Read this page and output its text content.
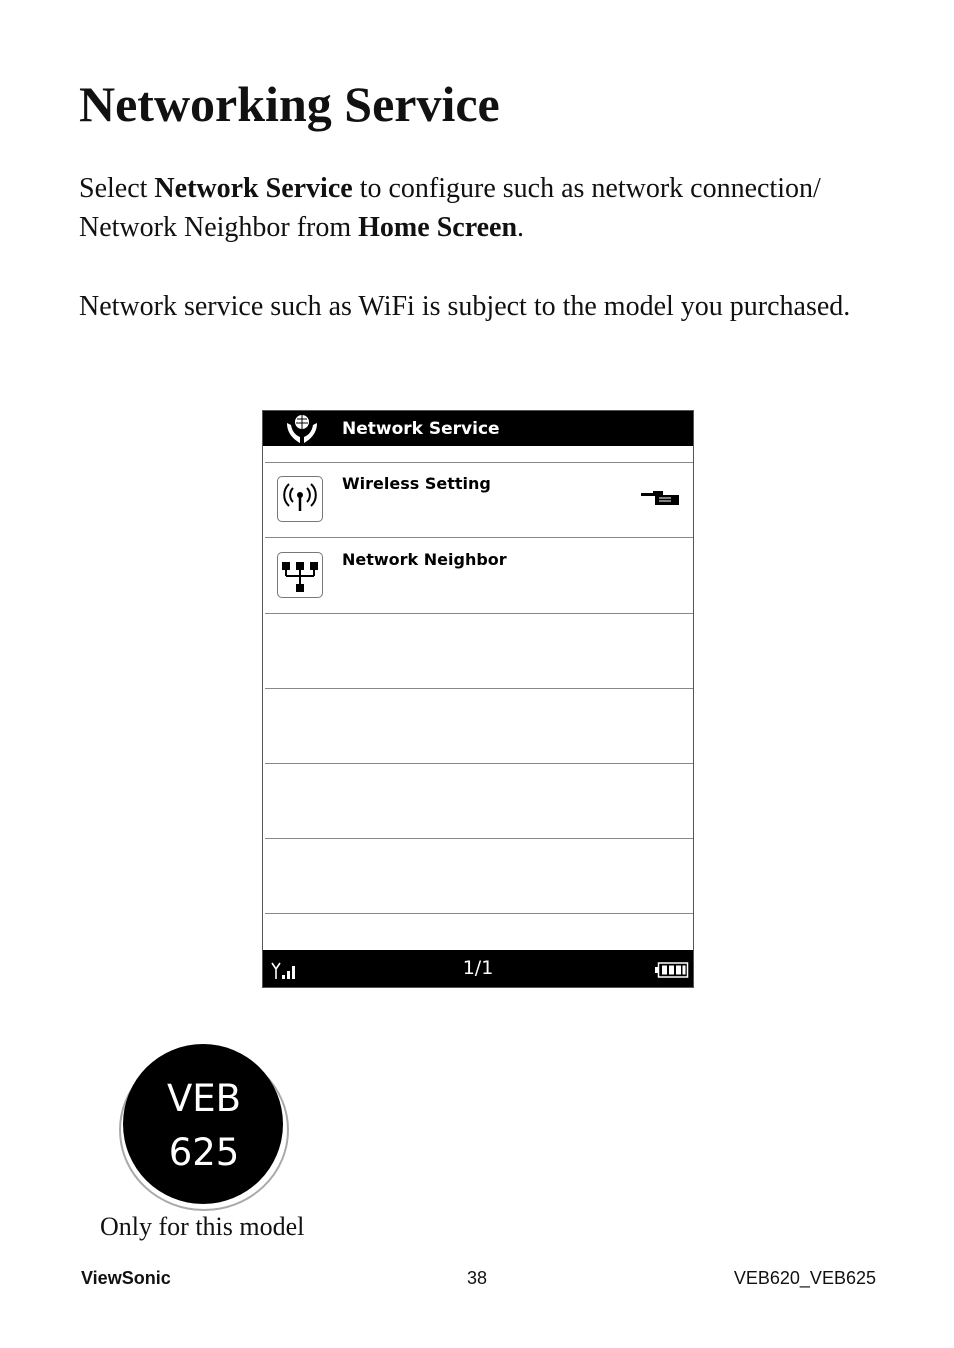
Networking Service

Select Network Service to configure such as network connection/ Network Neighbor from Home Screen.

Network service such as WiFi is subject to the model you purchased.

Network Service
Wireless Setting
Network Neighbor
1/1
VEB
625

Only for this model

ViewSonic	38	VEB620_VEB625
